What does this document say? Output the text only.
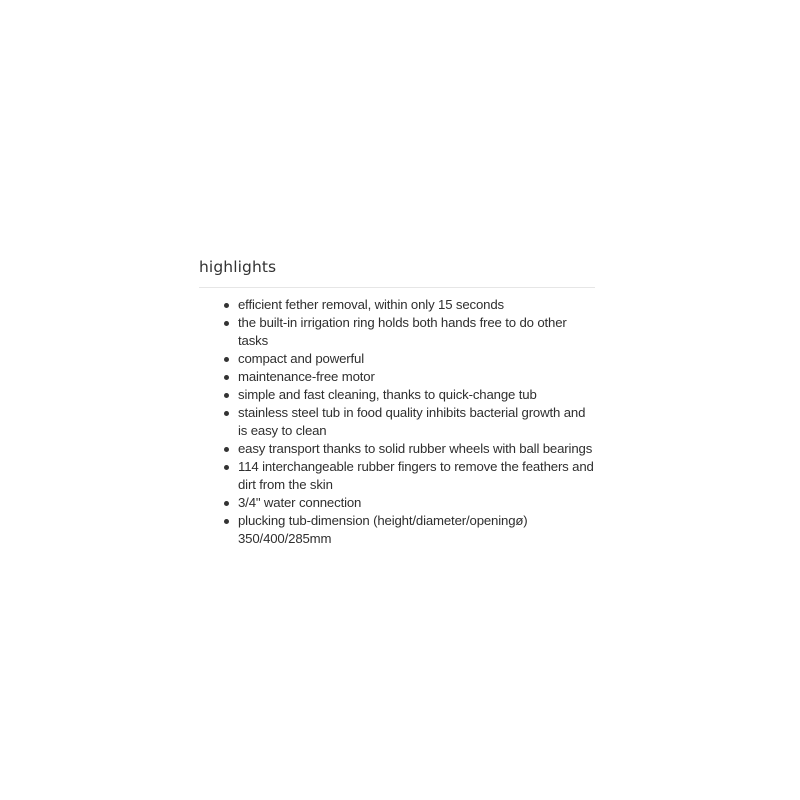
highlights
efficient fether removal, within only 15 seconds
the built-in irrigation ring holds both hands free to do other tasks
compact and powerful
maintenance-free motor
simple and fast cleaning, thanks to quick-change tub
stainless steel tub in food quality inhibits bacterial growth and is easy to clean
easy transport thanks to solid rubber wheels with ball bearings
114 interchangeable rubber fingers to remove the feathers and dirt from the skin
3/4" water connection
plucking tub-dimension (height/diameter/openingø) 350/400/285mm
